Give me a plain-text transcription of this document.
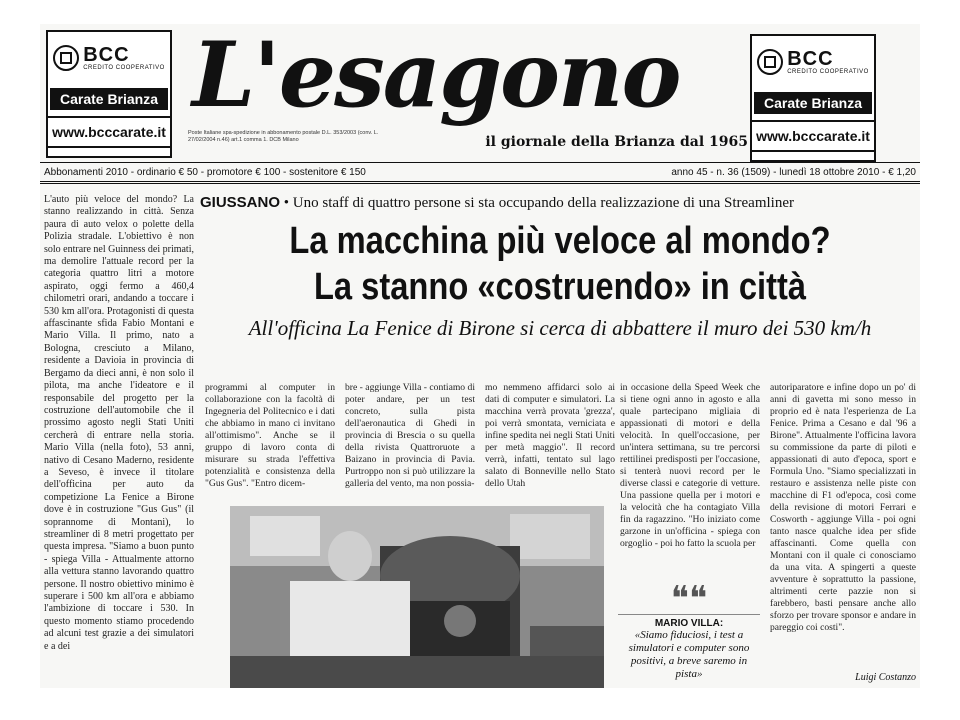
BCC
CREDITO COOPERATIVO
Carate Brianza
www.bcccarate.it
L'esagono
Poste Italiane spa-spedizione in abbonamento postale D.L. 353/2003 (conv. L. 27/02/2004 n.46) art.1 comma 1. DCB Milano	il giornale della Brianza dal 1965
BCC
CREDITO COOPERATIVO
Carate Brianza
www.bcccarate.it
Abbonamenti 2010 - ordinario € 50 - promotore € 100 - sostenitore € 150	anno 45 - n. 36 (1509) - lunedì 18 ottobre 2010 - € 1,20
L'auto più veloce del mondo? La stanno realizzando in città. Senza paura di auto velox o polette della Polizia stradale. L'obiettivo è non solo entrare nel Guinness dei primati, ma demolire l'attuale record per la categoria quattro litri a motore aspirato, oggi fermo a 460,4 chilometri orari, andando a toccare i 530 km all'ora. Protagonisti di questa affascinante sfida Fabio Montani e Mario Villa. Il primo, nato a Bologna, cresciuto a Milano, residente a Davioia in provincia di Bergamo da dieci anni, è non solo il pilota, ma anche l'ideatore e il responsabile del progetto per la costruzione dell'automobile che il prossimo agosto negli Stati Uniti cercherà di entrare nella storia. Mario Villa (nella foto), 53 anni, nativo di Cesano Maderno, residente a Seveso, è invece il titolare dell'officina per auto da competizione La Fenice a Birone dove è in costruzione "Gus Gus" (il soprannome di Montani), lo streamliner di 8 metri progettato per questa impresa. "Siamo a buon punto - spiega Villa - Attualmente attorno alla vettura stanno lavorando quattro persone. Il nostro obiettivo minimo è superare i 500 km all'ora e abbiamo l'ambizione di toccare i 530. In questo momento stiamo procedendo ad alcuni test grazie a dei simulatori e a dei
GIUSSANO • Uno staff di quattro persone si sta occupando della realizzazione di una Streamliner
La macchina più veloce al mondo?
La stanno «costruendo» in città
All'officina La Fenice di Birone si cerca di abbattere il muro dei 530 km/h
programmi al computer in collaborazione con la facoltà di Ingegneria del Politecnico e i dati che abbiamo in mano ci invitano all'ottimismo". Anche se il gruppo di lavoro conta di misurare su strada l'effettiva potenzialità e consistenza della "Gus Gus". "Entro dicem-
bre - aggiunge Villa - contiamo di poter andare, per un test concreto, sulla pista dell'aeronautica di Ghedi in provincia di Brescia o su quella della rivista Quattroruote a Baizano in provincia di Pavia. Purtroppo non si può utilizzare la galleria del vento, ma non possia-
mo nemmeno affidarci solo ai dati di computer e simulatori. La macchina verrà provata 'grezza', poi verrà smontata, verniciata e infine spedita nei negli Stati Uniti per metà maggio". Il record verrà, infatti, tentato sul lago salato di Bonneville nello Stato dello Utah
in occasione della Speed Week che si tiene ogni anno in agosto e alla quale partecipano migliaia di appassionati di motori e della velocità. In quell'occasione, per un'intera settimana, su tre percorsi rettilinei predisposti per l'occasione, si tenterà nuovi record per le diverse classi e categorie di vetture. Una passione quella per i motori e la velocità che ha contagiato Villa fin da ragazzino. "Ho iniziato come garzone in un'officina - spiega con orgoglio - poi ho fatto la scuola per
autoriparatore e infine dopo un po' di anni di gavetta mi sono messo in proprio ed è nata l'esperienza de La Fenice. Prima a Cesano e dal '96 a Birone". Attualmente l'officina lavora su commissione da parte di piloti e appassionati di auto d'epoca, sport e Formula Uno. "Siamo specializzati in restauro e assistenza nelle piste con macchine di F1 od'epoca, così come della revisione di motori Ferrari e Cosworth - aggiunge Villa - poi ogni tanto nasce qualche idea per sfide affascinanti. Come quella con Montani con il quale ci conosciamo da una vita. A spingerti a queste avventure è soprattutto la passione, altrimenti certe pazzie non si farebbero, basti pensare anche allo sforzo per trovare sponsor e andare in pareggio coi costi".
❝❝
MARIO VILLA:
«Siamo fiduciosi, i test a simulatori e computer sono positivi, a breve saremo in pista»	Luigi Costanzo
